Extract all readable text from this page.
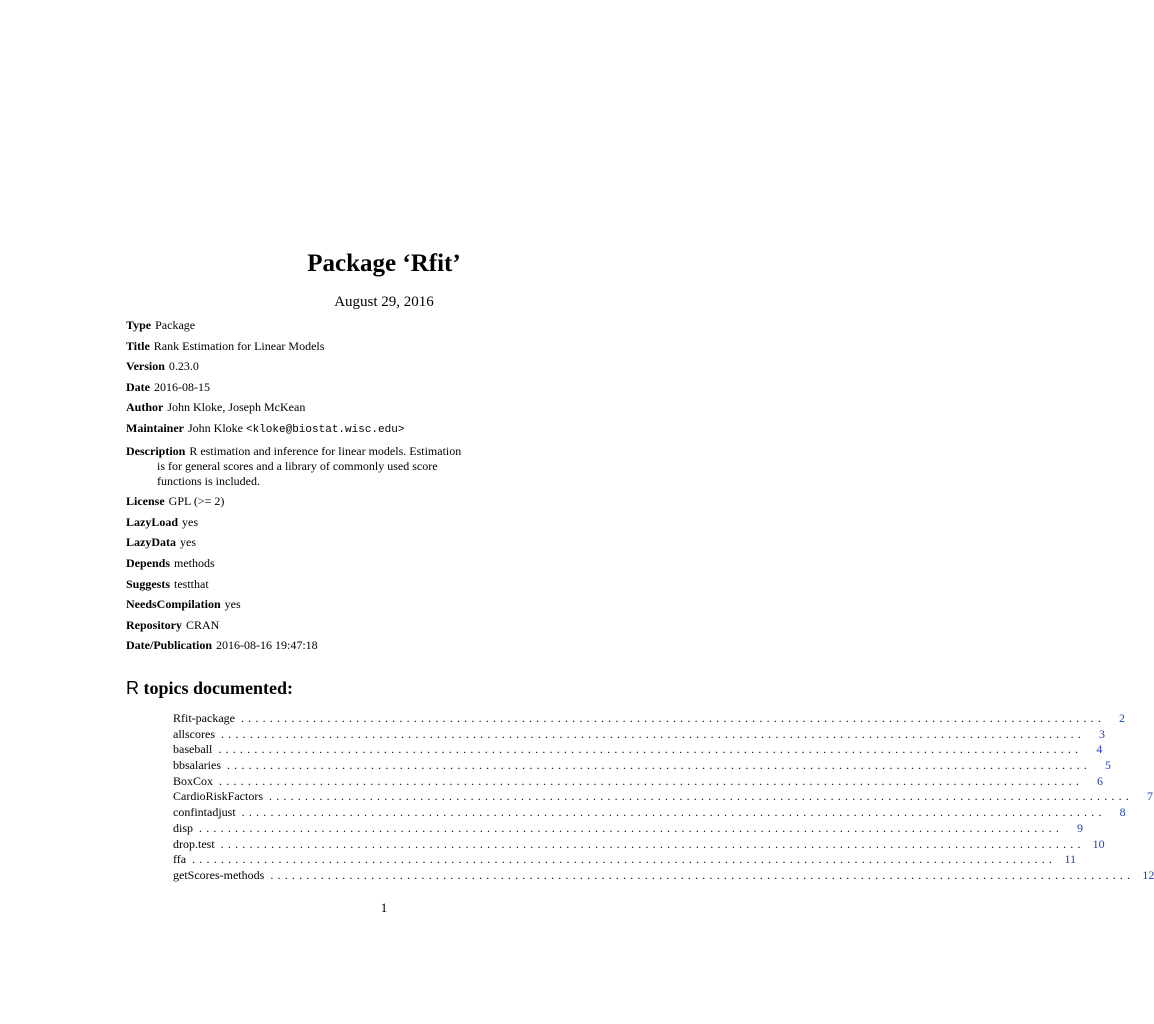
Package ‘Rfit’
August 29, 2016
Type Package
Title Rank Estimation for Linear Models
Version 0.23.0
Date 2016-08-15
Author John Kloke, Joseph McKean
Maintainer John Kloke <kloke@biostat.wisc.edu>
Description R estimation and inference for linear models. Estimation
is for general scores and a library of commonly used score
functions is included.
License GPL (>= 2)
LazyLoad yes
LazyData yes
Depends methods
Suggests testthat
NeedsCompilation yes
Repository CRAN
Date/Publication 2016-08-16 19:47:18
R topics documented:
Rfit-package ........................................................................................................................	2
allscores ........................................................................................................................	3
baseball ........................................................................................................................	4
bbsalaries ........................................................................................................................	5
BoxCox ........................................................................................................................	6
CardioRiskFactors ........................................................................................................................	7
confintadjust ........................................................................................................................	8
disp ........................................................................................................................	9
drop.test ........................................................................................................................ 10
ffa ........................................................................................................................ 11
getScores-methods ........................................................................................................................ 12
1
